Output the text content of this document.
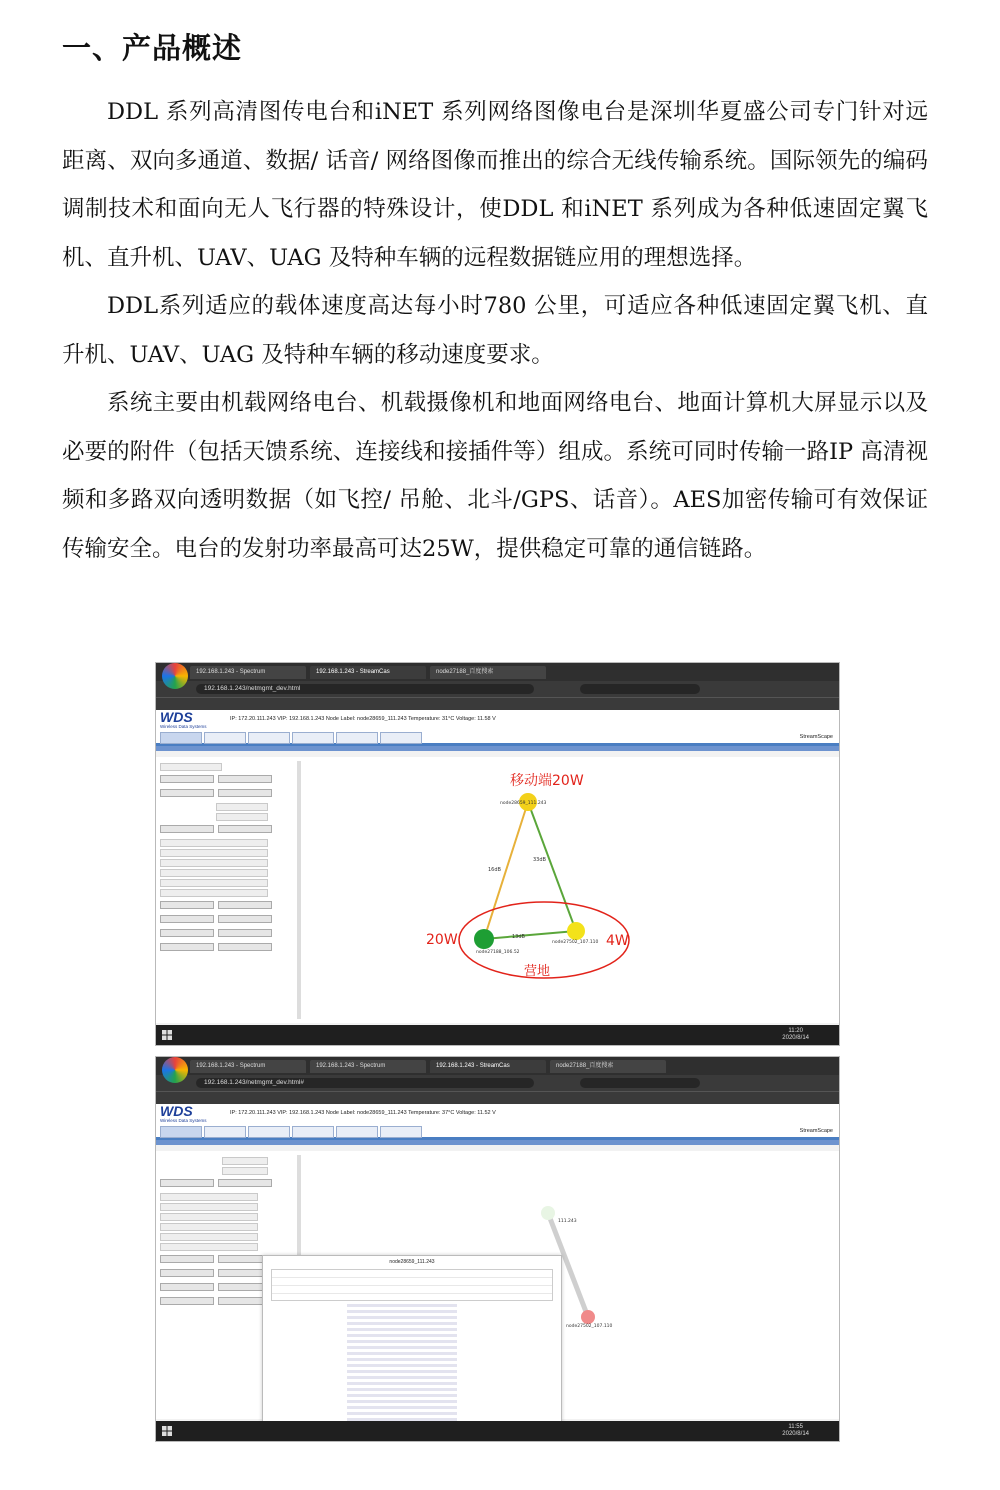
一、产品概述

DDL 系列高清图传电台和iNET 系列网络图像电台是深圳华夏盛公司专门针对远距离、双向多通道、数据/ 话音/ 网络图像而推出的综合无线传输系统。国际领先的编码调制技术和面向无人飞行器的特殊设计，使DDL 和iNET 系列成为各种低速固定翼飞机、直升机、UAV、UAG 及特种车辆的远程数据链应用的理想选择。

DDL系列适应的载体速度高达每小时780 公里，可适应各种低速固定翼飞机、直升机、UAV、UAG 及特种车辆的移动速度要求。

系统主要由机载网络电台、机载摄像机和地面网络电台、地面计算机大屏显示以及必要的附件（包括天馈系统、连接线和接插件等）组成。系统可同时传输一路IP 高清视频和多路双向透明数据（如飞控/ 吊舱、北斗/GPS、话音）。AES加密传输可有效保证传输安全。电台的发射功率最高可达25W，提供稳定可靠的通信链路。

192.168.1.243 - Spectrum	192.168.1.243 - StreamCas	node27188_百度搜索
192.168.1.243/netmgmt_dev.html
WDS
Wireless Data Systems
IP: 172.20.111.243 VIP: 192.168.1.243 Node Label: node28659_111.243 Temperature: 31°C Voltage: 11.58 V
StreamScape

移动端20W
20W	4W
营地
node28659_111.243
node27188_106.52
node27502_107.110
16dB
33dB
13dB
11:20
2020/8/14
192.168.1.243 - Spectrum	192.168.1.243 - Spectrum	192.168.1.243 - StreamCas	node27188_百度搜索
192.168.1.243/netmgmt_dev.html#
WDS
Wireless Data Systems
IP: 172.20.111.243 VIP: 192.168.1.243 Node Label: node28659_111.243 Temperature: 37°C Voltage: 11.52 V
StreamScape

111.243
node27502_107.110
node28659_111.243
11:55
2020/8/14
